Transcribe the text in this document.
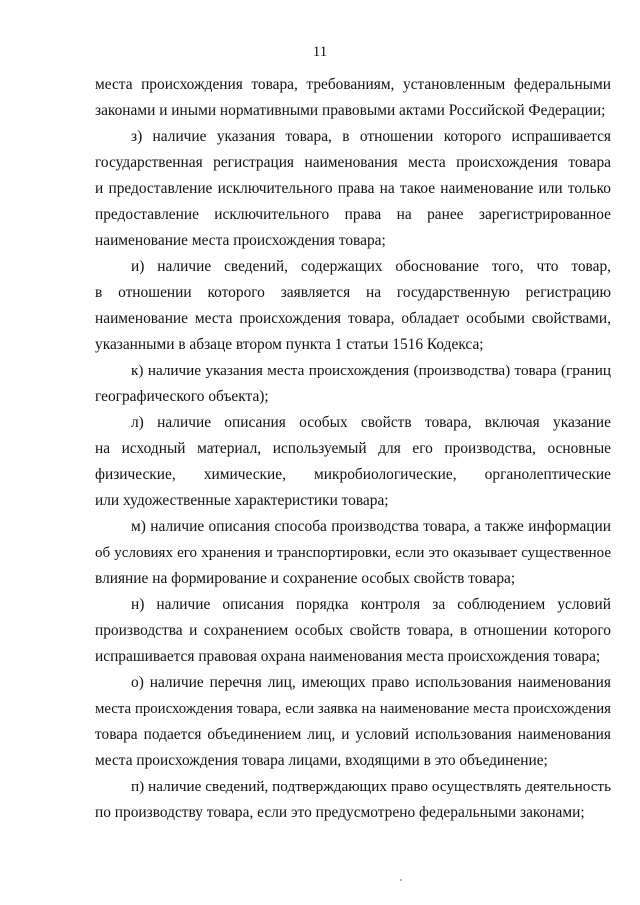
11
места происхождения товара, требованиям, установленным федеральными
законами и иными нормативными правовыми актами Российской Федерации;
з) наличие указания товара, в отношении которого испрашивается
государственная регистрация наименования места происхождения товара
и предоставление исключительного права на такое наименование или только
предоставление исключительного права на ранее зарегистрированное
наименование места происхождения товара;
и) наличие сведений, содержащих обоснование того, что товар,
в отношении которого заявляется на государственную регистрацию
наименование места происхождения товара, обладает особыми свойствами,
указанными в абзаце втором пункта 1 статьи 1516 Кодекса;
к) наличие указания места происхождения (производства) товара (границ
географического объекта);
л) наличие описания особых свойств товара, включая указание
на исходный материал, используемый для его производства, основные
физические, химические, микробиологические, органолептические
или художественные характеристики товара;
м) наличие описания способа производства товара, а также информации
об условиях его хранения и транспортировки, если это оказывает существенное
влияние на формирование и сохранение особых свойств товара;
н) наличие описания порядка контроля за соблюдением условий
производства и сохранением особых свойств товара, в отношении которого
испрашивается правовая охрана наименования места происхождения товара;
о) наличие перечня лиц, имеющих право использования наименования
места происхождения товара, если заявка на наименование места происхождения
товара подается объединением лиц, и условий использования наименования
места происхождения товара лицами, входящими в это объединение;
п) наличие сведений, подтверждающих право осуществлять деятельность
по производству товара, если это предусмотрено федеральными законами;
